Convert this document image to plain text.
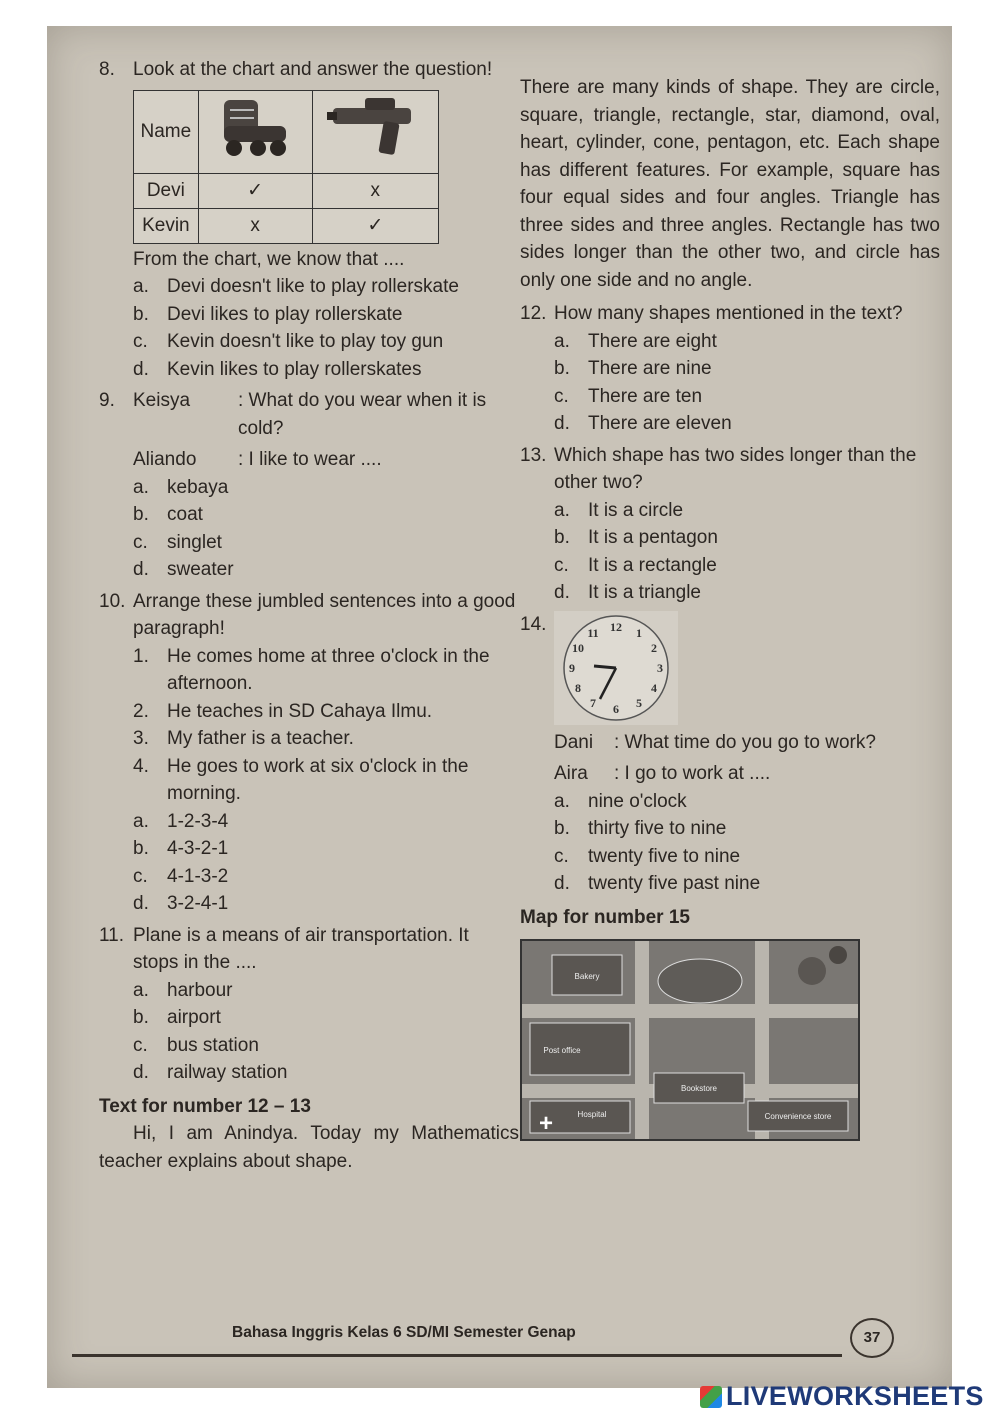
8. Look at the chart and answer the question!
Name		
Devi	✓	x
Kevin	x	✓
From the chart, we know that ....
a. Devi doesn't like to play rollerskate
b. Devi likes to play rollerskate
c. Kevin doesn't like to play toy gun
d. Kevin likes to play rollerskates
9. Keisya	: What do you wear when it is cold?
Aliando	: I like to wear ....
a. kebaya
b. coat
c. singlet
d. sweater
10. Arrange these jumbled sentences into a good paragraph!
1. He comes home at three o'clock in the afternoon.
2. He teaches in SD Cahaya Ilmu.
3. My father is a teacher.
4. He goes to work at six o'clock in the morning.
a. 1-2-3-4
b. 4-3-2-1
c. 4-1-3-2
d. 3-2-4-1
11. Plane is a means of air transportation. It stops in the ....
a. harbour
b. airport
c. bus station
d. railway station
Text for number 12 – 13
Hi, I am Anindya. Today my Mathematics teacher explains about shape.
There are many kinds of shape. They are circle, square, triangle, rectangle, star, diamond, oval, heart, cylinder, cone, pentagon, etc. Each shape has different features. For example, square has four equal sides and four angles. Triangle has three sides and three angles. Rectangle has two sides longer than the other two, and circle has only one side and no angle.
12. How many shapes mentioned in the text?
a. There are eight
b. There are nine
c. There are ten
d. There are eleven
13. Which shape has two sides longer than the other two?
a. It is a circle
b. It is a pentagon
c. It is a rectangle
d. It is a triangle
14.	12 1
2
3
4
5
6
7
8
9
10
11
Dani	: What time do you go to work?
Aira	: I go to work at ....
a. nine o'clock
b. thirty five to nine
c. twenty five to nine
d. twenty five past nine
Map for number 15
Bakery
Post office
Hospital
+
Bookstore
Convenience store
Bahasa Inggris Kelas 6 SD/MI Semester Genap	37
LIVEWORKSHEETS
